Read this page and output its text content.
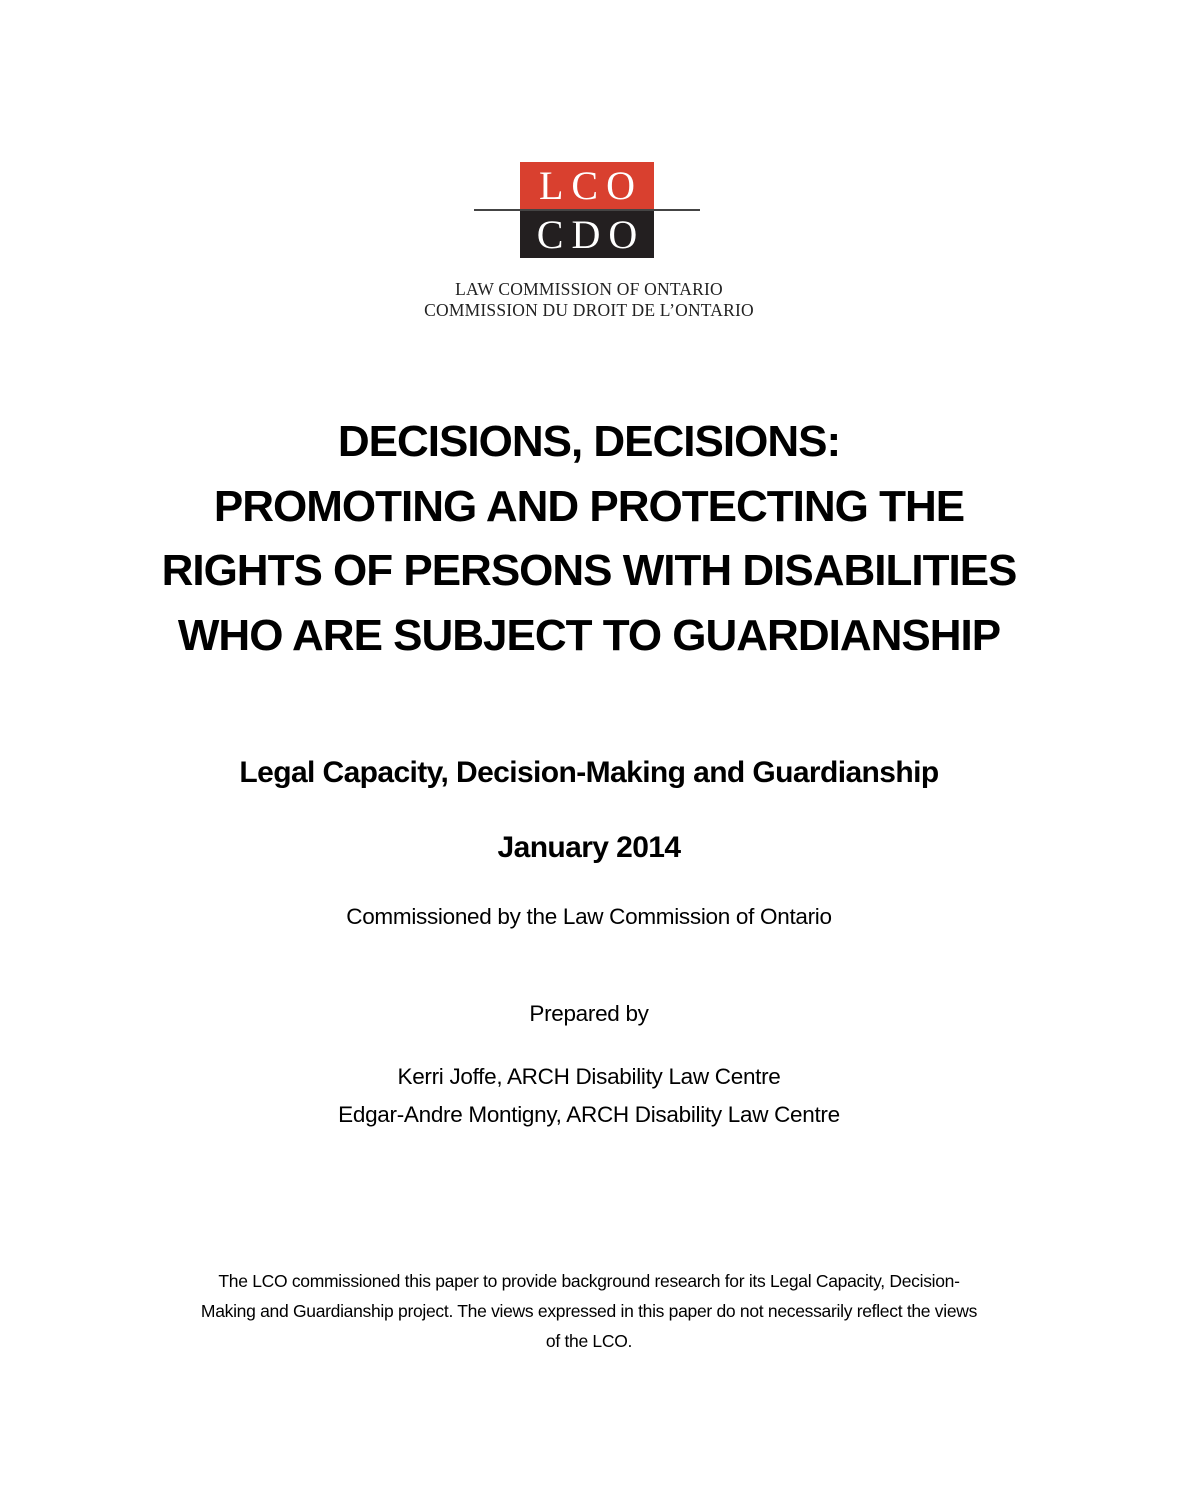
LCO
CDO
LAW COMMISSION OF ONTARIO
COMMISSION DU DROIT DE L’ONTARIO
DECISIONS, DECISIONS:
PROMOTING AND PROTECTING THE
RIGHTS OF PERSONS WITH DISABILITIES
WHO ARE SUBJECT TO GUARDIANSHIP
Legal Capacity, Decision-Making and Guardianship
January 2014
Commissioned by the Law Commission of Ontario
Prepared by
Kerri Joffe, ARCH Disability Law Centre
Edgar-Andre Montigny, ARCH Disability Law Centre
The LCO commissioned this paper to provide background research for its Legal Capacity, Decision-
Making and Guardianship project. The views expressed in this paper do not necessarily reflect the views
of the LCO.
